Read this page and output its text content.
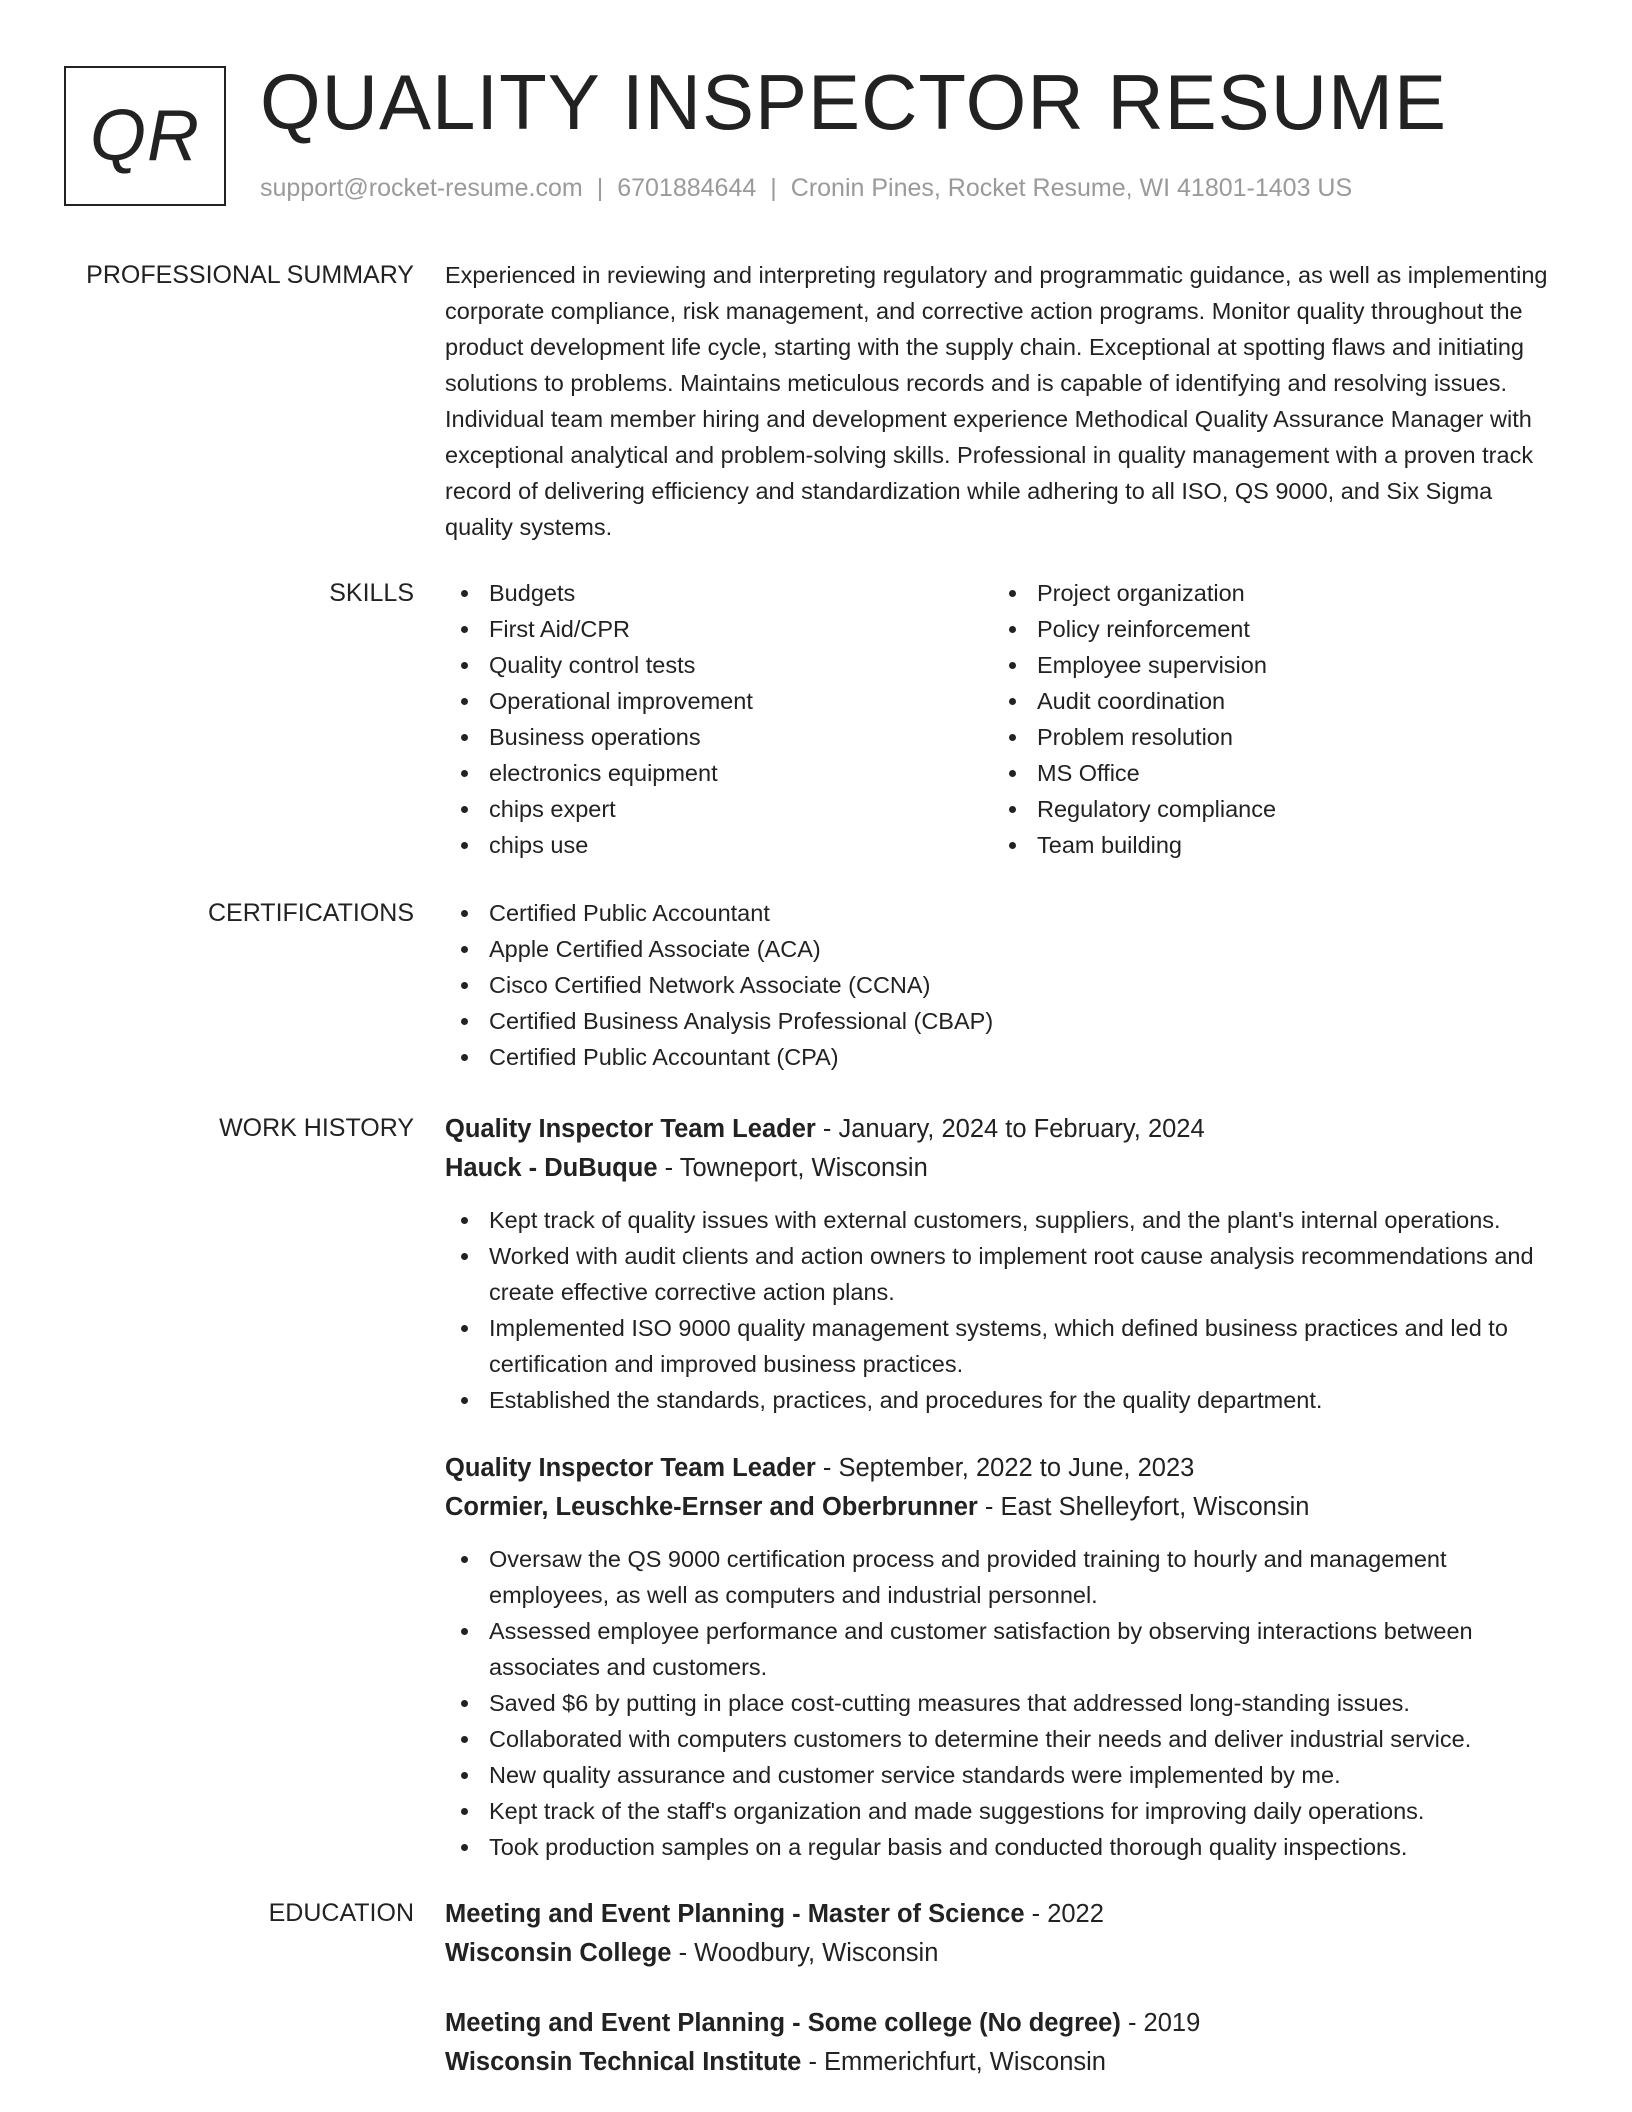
QR QUALITY INSPECTOR RESUME
support@rocket-resume.com | 6701884644 | Cronin Pines, Rocket Resume, WI 41801-1403 US
PROFESSIONAL SUMMARY Experienced in reviewing and interpreting regulatory and programmatic guidance, as well as implementing corporate compliance, risk management, and corrective action programs. Monitor quality throughout the product development life cycle, starting with the supply chain. Exceptional at spotting flaws and initiating solutions to problems. Maintains meticulous records and is capable of identifying and resolving issues. Individual team member hiring and development experience Methodical Quality Assurance Manager with exceptional analytical and problem-solving skills. Professional in quality management with a proven track record of delivering efficiency and standardization while adhering to all ISO, QS 9000, and Six Sigma quality systems.

SKILLS	Budgets
First Aid/CPR
Quality control tests
Operational improvement
Business operations
electronics equipment
chips expert
chips use
Project organization
Policy reinforcement
Employee supervision
Audit coordination
Problem resolution
MS Office
Regulatory compliance
Team building
CERTIFICATIONS	Certified Public Accountant
Apple Certified Associate (ACA)
Cisco Certified Network Associate (CCNA)
Certified Business Analysis Professional (CBAP)
Certified Public Accountant (CPA)
WORK HISTORY Quality Inspector Team Leader - January, 2024 to February, 2024
Hauck - DuBuque - Towneport, Wisconsin
Kept track of quality issues with external customers, suppliers, and the plant's internal operations.
Worked with audit clients and action owners to implement root cause analysis recommendations and create effective corrective action plans.
Implemented ISO 9000 quality management systems, which defined business practices and led to certification and improved business practices.
Established the standards, practices, and procedures for the quality department.
Quality Inspector Team Leader - September, 2022 to June, 2023
Cormier, Leuschke-Ernser and Oberbrunner - East Shelleyfort, Wisconsin
Oversaw the QS 9000 certification process and provided training to hourly and management employees, as well as computers and industrial personnel.
Assessed employee performance and customer satisfaction by observing interactions between associates and customers.
Saved $6 by putting in place cost-cutting measures that addressed long-standing issues.
Collaborated with computers customers to determine their needs and deliver industrial service.
New quality assurance and customer service standards were implemented by me.
Kept track of the staff's organization and made suggestions for improving daily operations.
Took production samples on a regular basis and conducted thorough quality inspections.
EDUCATION Meeting and Event Planning - Master of Science - 2022
Wisconsin College - Woodbury, Wisconsin
Meeting and Event Planning - Some college (No degree) - 2019
Wisconsin Technical Institute - Emmerichfurt, Wisconsin
